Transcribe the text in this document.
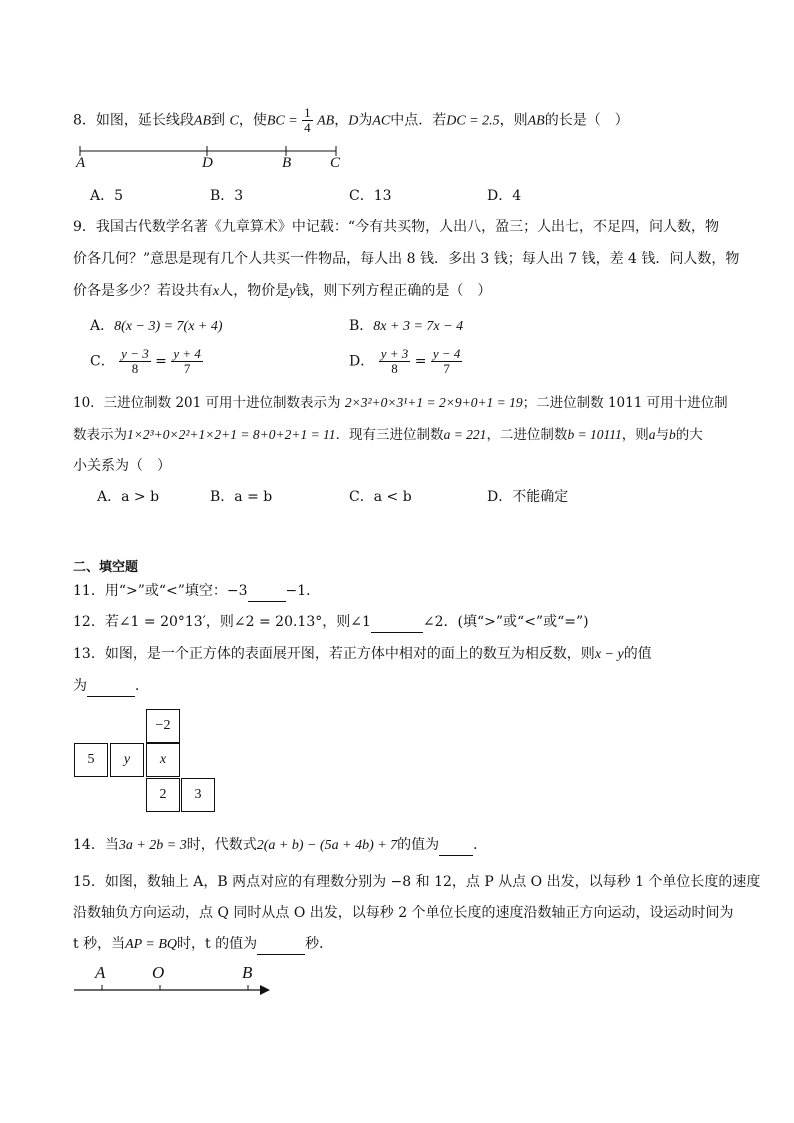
8．如图，延长线段AB到 C，使BC = $\frac{1}{4}$ AB，D为AC中点．若DC = 2.5，则AB的长是（　）
A	D	B	C
A．5	B．3	C．13	D．4
9．我国古代数学名著《九章算术》中记载：“今有共买物，人出八，盈三；人出七，不足四，问人数，物
价各几何？”意思是现有几个人共买一件物品，每人出 8 钱．多出 3 钱；每人出 7 钱，差 4 钱．问人数，物
价各是多少？若设共有x人，物价是y钱，则下列方程正确的是（　）
A．8(x − 3) = 7(x + 4)	B．8x + 3 = 7x − 4
C． $\frac{y - 3}{8} = \frac{y + 4}{7}$	D． $\frac{y + 3}{8} = \frac{y - 4}{7}$
10．三进位制数 201 可用十进位制数表示为 2×3²+0×3¹+1 = 2×9+0+1 = 19；二进位制数 1011 可用十进位制
数表示为1×2³+0×2²+1×2+1 = 8+0+2+1 = 11．现有三进位制数a = 221，二进位制数b = 10111，则a与b的大
小关系为（　）
A．a > b	B．a = b	C．a < b	D．不能确定
二、填空题
11．用“>”或“<”填空：−3	−1．
12．若∠1 = 20°13′，则∠2 = 20.13°，则∠1	∠2．(填“>”或“<”或“=”)
13．如图，是一个正方体的表面展开图，若正方体中相对的面上的数互为相反数，则x − y的值
为	．
−2
5	y	x
2	3
14．当3a + 2b = 3时，代数式2(a + b) − (5a + 4b) + 7的值为 ．
15．如图，数轴上 A，B 两点对应的有理数分别为 −8 和 12，点 P 从点 O 出发，以每秒 1 个单位长度的速度
沿数轴负方向运动，点 Q 同时从点 O 出发，以每秒 2 个单位长度的速度沿数轴正方向运动，设运动时间为
t 秒，当AP = BQ时，t 的值为	秒．
A	O	B
